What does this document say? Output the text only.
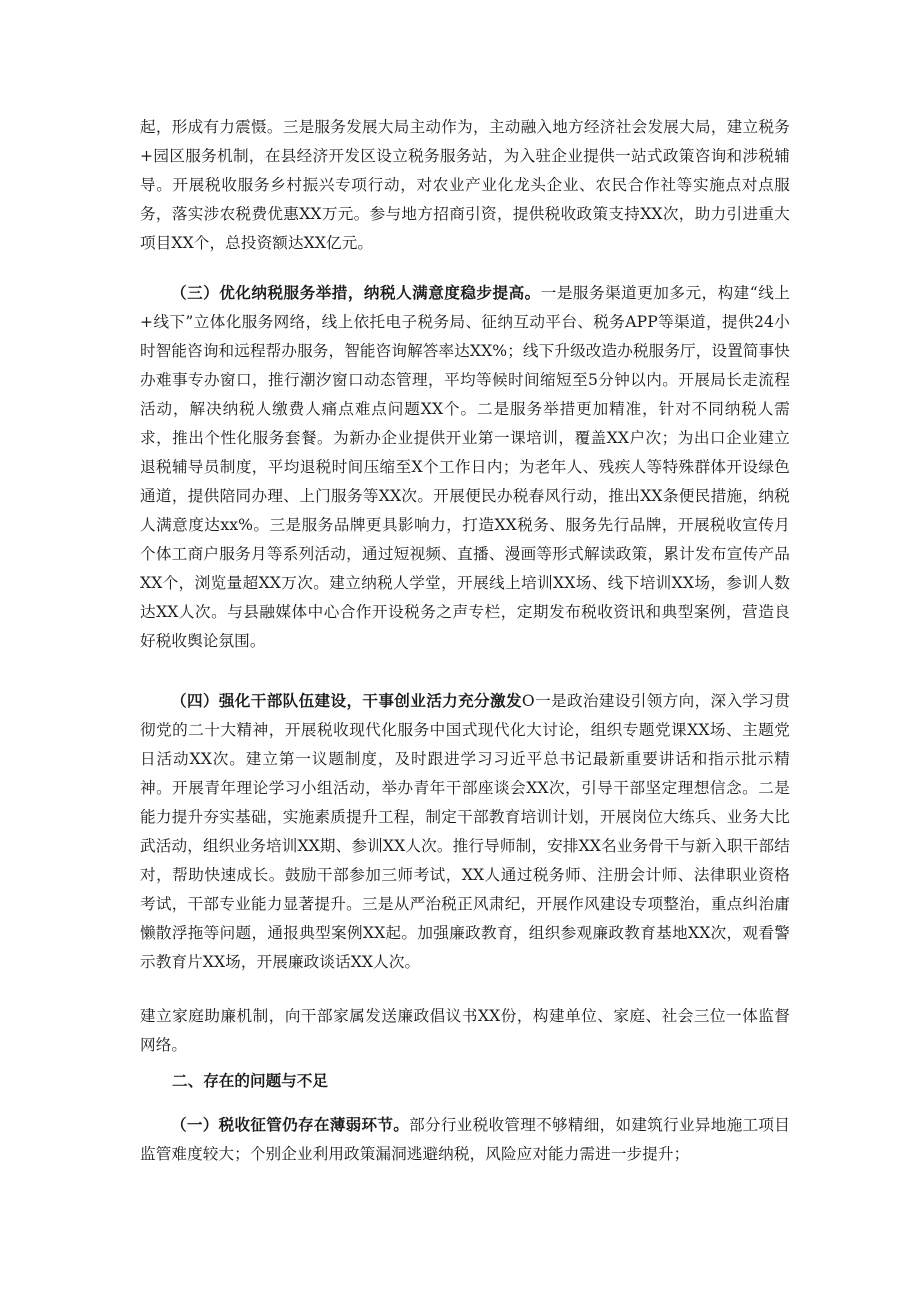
起，形成有力震慑。三是服务发展大局主动作为，主动融入地方经济社会发展大局，建立税务+园区服务机制，在县经济开发区设立税务服务站，为入驻企业提供一站式政策咨询和涉税辅导。开展税收服务乡村振兴专项行动，对农业产业化龙头企业、农民合作社等实施点对点服务，落实涉农税费优惠XX万元。参与地方招商引资，提供税收政策支持XX次，助力引进重大项目XX个，总投资额达XX亿元。

（三）优化纳税服务举措，纳税人满意度稳步提高。一是服务渠道更加多元，构建“线上+线下”立体化服务网络，线上依托电子税务局、征纳互动平台、税务APP等渠道，提供24小时智能咨询和远程帮办服务，智能咨询解答率达XX%；线下升级改造办税服务厅，设置简事快办难事专办窗口，推行潮汐窗口动态管理，平均等候时间缩短至5分钟以内。开展局长走流程活动，解决纳税人缴费人痛点难点问题XX个。二是服务举措更加精准，针对不同纳税人需求，推出个性化服务套餐。为新办企业提供开业第一课培训，覆盖XX户次；为出口企业建立退税辅导员制度，平均退税时间压缩至X个工作日内；为老年人、残疾人等特殊群体开设绿色通道，提供陪同办理、上门服务等XX次。开展便民办税春风行动，推出XX条便民措施，纳税人满意度达xx%。三是服务品牌更具影响力，打造XX税务、服务先行品牌，开展税收宣传月个体工商户服务月等系列活动，通过短视频、直播、漫画等形式解读政策，累计发布宣传产品XX个，浏览量超XX万次。建立纳税人学堂，开展线上培训XX场、线下培训XX场，参训人数达XX人次。与县融媒体中心合作开设税务之声专栏，定期发布税收资讯和典型案例，营造良好税收舆论氛围。

（四）强化干部队伍建设，干事创业活力充分激发O一是政治建设引领方向，深入学习贯彻党的二十大精神，开展税收现代化服务中国式现代化大讨论，组织专题党课XX场、主题党日活动XX次。建立第一议题制度，及时跟进学习习近平总书记最新重要讲话和指示批示精神。开展青年理论学习小组活动，举办青年干部座谈会XX次，引导干部坚定理想信念。二是能力提升夯实基础，实施素质提升工程，制定干部教育培训计划，开展岗位大练兵、业务大比武活动，组织业务培训XX期、参训XX人次。推行导师制，安排XX名业务骨干与新入职干部结对，帮助快速成长。鼓励干部参加三师考试，XX人通过税务师、注册会计师、法律职业资格考试，干部专业能力显著提升。三是从严治税正风肃纪，开展作风建设专项整治，重点纠治庸懒散浮拖等问题，通报典型案例XX起。加强廉政教育，组织参观廉政教育基地XX次，观看警示教育片XX场，开展廉政谈话XX人次。

建立家庭助廉机制，向干部家属发送廉政倡议书XX份，构建单位、家庭、社会三位一体监督网络。

二、存在的问题与不足

（一）税收征管仍存在薄弱环节。部分行业税收管理不够精细，如建筑行业异地施工项目监管难度较大；个别企业利用政策漏洞逃避纳税，风险应对能力需进一步提升；
